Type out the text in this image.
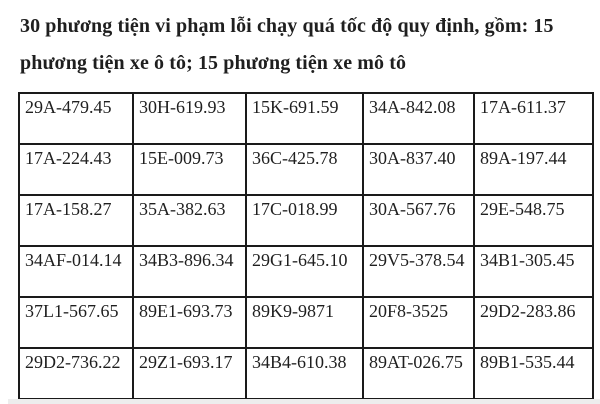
30 phương tiện vi phạm lỗi chạy quá tốc độ quy định, gồm: 15
phương tiện xe ô tô; 15 phương tiện xe mô tô
29A-479.45	30H-619.93	15K-691.59	34A-842.08	17A-611.37
17A-224.43	15E-009.73	36C-425.78	30A-837.40	89A-197.44
17A-158.27	35A-382.63	17C-018.99	30A-567.76	29E-548.75
34AF-014.14	34B3-896.34	29G1-645.10	29V5-378.54	34B1-305.45
37L1-567.65	89E1-693.73	89K9-9871	20F8-3525	29D2-283.86
29D2-736.22	29Z1-693.17	34B4-610.38	89AT-026.75	89B1-535.44
